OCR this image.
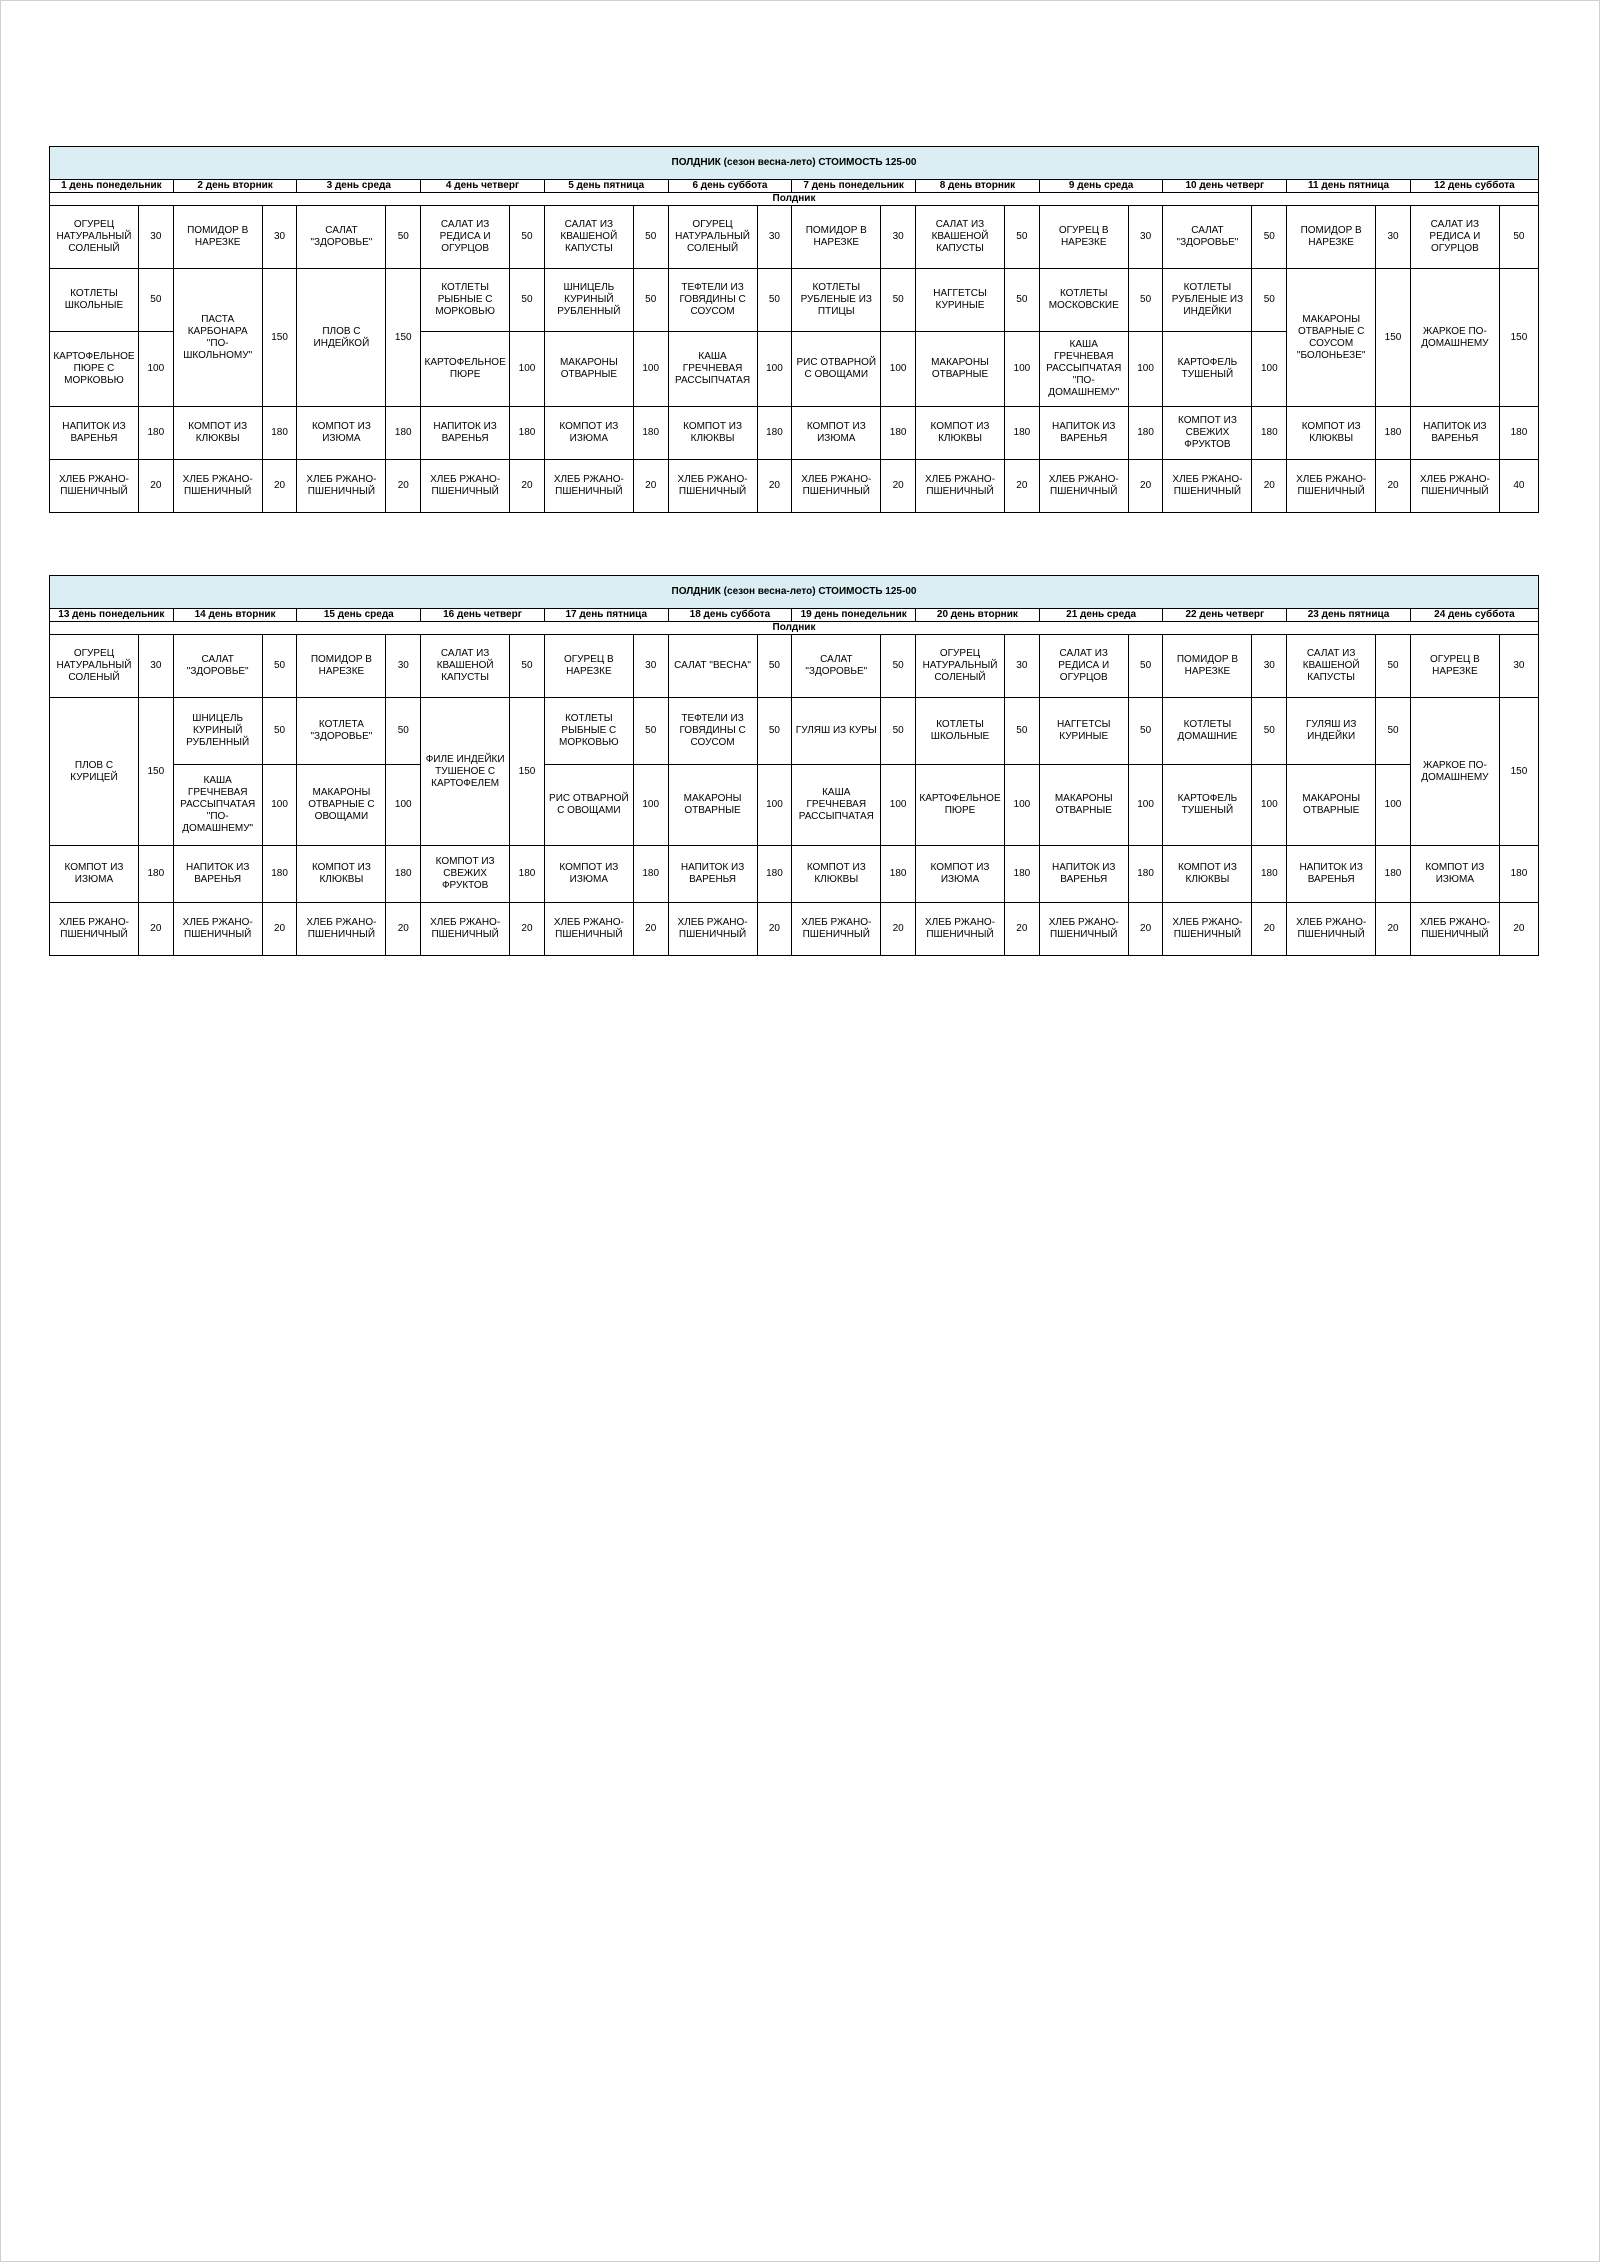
ПОЛДНИК (сезон весна-лето) СТОИМОСТЬ 125-00																							
1 день понедельник		2 день вторник		3 день среда		4 день четверг		5 день пятница		6 день суббота		7 день понедельник		8 день вторник		9 день среда		10 день четверг		11 день пятница		12 день суббота	
Полдник																							
ОГУРЕЦ НАТУРАЛЬНЫЙ СОЛЕНЫЙ	30	ПОМИДОР В НАРЕЗКЕ	30	САЛАТ "ЗДОРОВЬЕ"	50	САЛАТ ИЗ РЕДИСА И ОГУРЦОВ	50	САЛАТ ИЗ КВАШЕНОЙ КАПУСТЫ	50	ОГУРЕЦ НАТУРАЛЬНЫЙ СОЛЕНЫЙ	30	ПОМИДОР В НАРЕЗКЕ	30	САЛАТ ИЗ КВАШЕНОЙ КАПУСТЫ	50	ОГУРЕЦ В НАРЕЗКЕ	30	САЛАТ "ЗДОРОВЬЕ"	50	ПОМИДОР В НАРЕЗКЕ	30	САЛАТ ИЗ РЕДИСА И ОГУРЦОВ	50
КОТЛЕТЫ ШКОЛЬНЫЕ	50	ПАСТА КАРБОНАРА "ПО-ШКОЛЬНОМУ"	150	ПЛОВ С ИНДЕЙКОЙ	150	КОТЛЕТЫ РЫБНЫЕ С МОРКОВЬЮ	50	ШНИЦЕЛЬ КУРИНЫЙ РУБЛЕННЫЙ	50	ТЕФТЕЛИ ИЗ ГОВЯДИНЫ С СОУСОМ	50	КОТЛЕТЫ РУБЛЕНЫЕ ИЗ ПТИЦЫ	50	НАГГЕТСЫ КУРИНЫЕ	50	КОТЛЕТЫ МОСКОВСКИЕ	50	КОТЛЕТЫ РУБЛЕНЫЕ ИЗ ИНДЕЙКИ	50	МАКАРОНЫ ОТВАРНЫЕ С СОУСОМ "БОЛОНЬЕЗЕ"	150	ЖАРКОЕ ПО-ДОМАШНЕМУ	150
КАРТОФЕЛЬНОЕ ПЮРЕ С МОРКОВЬЮ	100					КАРТОФЕЛЬНОЕ ПЮРЕ	100	МАКАРОНЫ ОТВАРНЫЕ	100	КАША ГРЕЧНЕВАЯ РАССЫПЧАТАЯ	100	РИС ОТВАРНОЙ С ОВОЩАМИ	100	МАКАРОНЫ ОТВАРНЫЕ	100	КАША ГРЕЧНЕВАЯ РАССЫПЧАТАЯ "ПО-ДОМАШНЕМУ"	100	КАРТОФЕЛЬ ТУШЕНЫЙ	100				
НАПИТОК ИЗ ВАРЕНЬЯ	180	КОМПОТ ИЗ КЛЮКВЫ	180	КОМПОТ ИЗ ИЗЮМА	180	НАПИТОК ИЗ ВАРЕНЬЯ	180	КОМПОТ ИЗ ИЗЮМА	180	КОМПОТ ИЗ КЛЮКВЫ	180	КОМПОТ ИЗ ИЗЮМА	180	КОМПОТ ИЗ КЛЮКВЫ	180	НАПИТОК ИЗ ВАРЕНЬЯ	180	КОМПОТ ИЗ СВЕЖИХ ФРУКТОВ	180	КОМПОТ ИЗ КЛЮКВЫ	180	НАПИТОК ИЗ ВАРЕНЬЯ	180
ХЛЕБ РЖАНО-ПШЕНИЧНЫЙ	20	ХЛЕБ РЖАНО-ПШЕНИЧНЫЙ	20	ХЛЕБ РЖАНО-ПШЕНИЧНЫЙ	20	ХЛЕБ РЖАНО-ПШЕНИЧНЫЙ	20	ХЛЕБ РЖАНО-ПШЕНИЧНЫЙ	20	ХЛЕБ РЖАНО-ПШЕНИЧНЫЙ	20	ХЛЕБ РЖАНО-ПШЕНИЧНЫЙ	20	ХЛЕБ РЖАНО-ПШЕНИЧНЫЙ	20	ХЛЕБ РЖАНО-ПШЕНИЧНЫЙ	20	ХЛЕБ РЖАНО-ПШЕНИЧНЫЙ	20	ХЛЕБ РЖАНО-ПШЕНИЧНЫЙ	20	ХЛЕБ РЖАНО-ПШЕНИЧНЫЙ	40
ПОЛДНИК (сезон весна-лето) СТОИМОСТЬ 125-00																							
13 день понедельник		14 день вторник		15 день среда		16 день четверг		17 день пятница		18 день суббота		19 день понедельник		20 день вторник		21 день среда		22 день четверг		23 день пятница		24 день суббота	
Полдник																							
ОГУРЕЦ НАТУРАЛЬНЫЙ СОЛЕНЫЙ	30	САЛАТ "ЗДОРОВЬЕ"	50	ПОМИДОР В НАРЕЗКЕ	30	САЛАТ ИЗ КВАШЕНОЙ КАПУСТЫ	50	ОГУРЕЦ В НАРЕЗКЕ	30	САЛАТ "ВЕСНА"	50	САЛАТ "ЗДОРОВЬЕ"	50	ОГУРЕЦ НАТУРАЛЬНЫЙ СОЛЕНЫЙ	30	САЛАТ ИЗ РЕДИСА И ОГУРЦОВ	50	ПОМИДОР В НАРЕЗКЕ	30	САЛАТ ИЗ КВАШЕНОЙ КАПУСТЫ	50	ОГУРЕЦ В НАРЕЗКЕ	30
ПЛОВ С КУРИЦЕЙ	150	ШНИЦЕЛЬ КУРИНЫЙ РУБЛЕННЫЙ	50	КОТЛЕТА "ЗДОРОВЬЕ"	50	ФИЛЕ ИНДЕЙКИ ТУШЕНОЕ С КАРТОФЕЛЕМ	150	КОТЛЕТЫ РЫБНЫЕ С МОРКОВЬЮ	50	ТЕФТЕЛИ ИЗ ГОВЯДИНЫ С СОУСОМ	50	ГУЛЯШ ИЗ КУРЫ	50	КОТЛЕТЫ ШКОЛЬНЫЕ	50	НАГГЕТСЫ КУРИНЫЕ	50	КОТЛЕТЫ ДОМАШНИЕ	50	ГУЛЯШ ИЗ ИНДЕЙКИ	50	ЖАРКОЕ ПО-ДОМАШНЕМУ	150
		КАША ГРЕЧНЕВАЯ РАССЫПЧАТАЯ "ПО-ДОМАШНЕМУ"	100	МАКАРОНЫ ОТВАРНЫЕ С ОВОЩАМИ	100			РИС ОТВАРНОЙ С ОВОЩАМИ	100	МАКАРОНЫ ОТВАРНЫЕ	100	КАША ГРЕЧНЕВАЯ РАССЫПЧАТАЯ	100	КАРТОФЕЛЬНОЕ ПЮРЕ	100	МАКАРОНЫ ОТВАРНЫЕ	100	КАРТОФЕЛЬ ТУШЕНЫЙ	100	МАКАРОНЫ ОТВАРНЫЕ	100		
КОМПОТ ИЗ ИЗЮМА	180	НАПИТОК ИЗ ВАРЕНЬЯ	180	КОМПОТ ИЗ КЛЮКВЫ	180	КОМПОТ ИЗ СВЕЖИХ ФРУКТОВ	180	КОМПОТ ИЗ ИЗЮМА	180	НАПИТОК ИЗ ВАРЕНЬЯ	180	КОМПОТ ИЗ КЛЮКВЫ	180	КОМПОТ ИЗ ИЗЮМА	180	НАПИТОК ИЗ ВАРЕНЬЯ	180	КОМПОТ ИЗ КЛЮКВЫ	180	НАПИТОК ИЗ ВАРЕНЬЯ	180	КОМПОТ ИЗ ИЗЮМА	180
ХЛЕБ РЖАНО-ПШЕНИЧНЫЙ	20	ХЛЕБ РЖАНО-ПШЕНИЧНЫЙ	20	ХЛЕБ РЖАНО-ПШЕНИЧНЫЙ	20	ХЛЕБ РЖАНО-ПШЕНИЧНЫЙ	20	ХЛЕБ РЖАНО-ПШЕНИЧНЫЙ	20	ХЛЕБ РЖАНО-ПШЕНИЧНЫЙ	20	ХЛЕБ РЖАНО-ПШЕНИЧНЫЙ	20	ХЛЕБ РЖАНО-ПШЕНИЧНЫЙ	20	ХЛЕБ РЖАНО-ПШЕНИЧНЫЙ	20	ХЛЕБ РЖАНО-ПШЕНИЧНЫЙ	20	ХЛЕБ РЖАНО-ПШЕНИЧНЫЙ	20	ХЛЕБ РЖАНО-ПШЕНИЧНЫЙ	20
